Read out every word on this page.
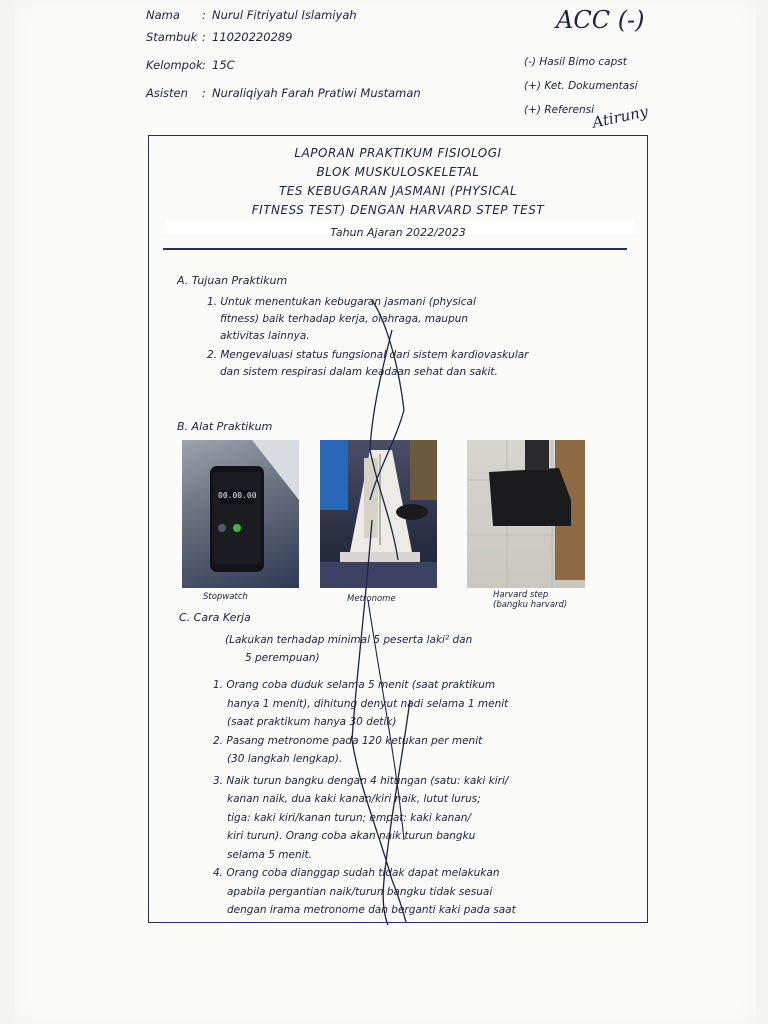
Nama	: Nurul Fitriyatul Islamiyah
Stambuk : 11020220289
Kelompok : 15C
Asisten	: Nuraliqiyah Farah Pratiwi Mustaman
ACC (-)
(-) Hasil Bimo capst
(+) Ket. Dokumentasi
(+) Referensi
Atiruny
LAPORAN PRAKTIKUM FISIOLOGI
BLOK MUSKULOSKELETAL
TES KEBUGARAN JASMANI (PHYSICAL
FITNESS TEST) DENGAN HARVARD STEP TEST
Tahun Ajaran 2022/2023
A. Tujuan Praktikum
1. Untuk menentukan kebugaran jasmani (physical
fitness) baik terhadap kerja, olahraga, maupun
aktivitas lainnya.
2. Mengevaluasi status fungsional dari sistem kardiovaskular
dan sistem respirasi dalam keadaan sehat dan sakit.
B. Alat Praktikum
00.00.00
Stopwatch	Metronome	Harvard step
(bangku harvard)
C. Cara Kerja
(Lakukan terhadap minimal 5 peserta laki² dan
5 perempuan)
1. Orang coba duduk selama 5 menit (saat praktikum
hanya 1 menit), dihitung denyut nadi selama 1 menit
(saat praktikum hanya 30 detik)
2. Pasang metronome pada 120 ketukan per menit
(30 langkah lengkap).
3. Naik turun bangku dengan 4 hitungan (satu: kaki kiri/
kanan naik, dua kaki kanan/kiri naik, lutut lurus;
tiga: kaki kiri/kanan turun; empat: kaki kanan/
kiri turun). Orang coba akan naik turun bangku
selama 5 menit.
4. Orang coba dianggap sudah tidak dapat melakukan
apabila pergantian naik/turun bangku tidak sesuai
dengan irama metronome dan berganti kaki pada saat
